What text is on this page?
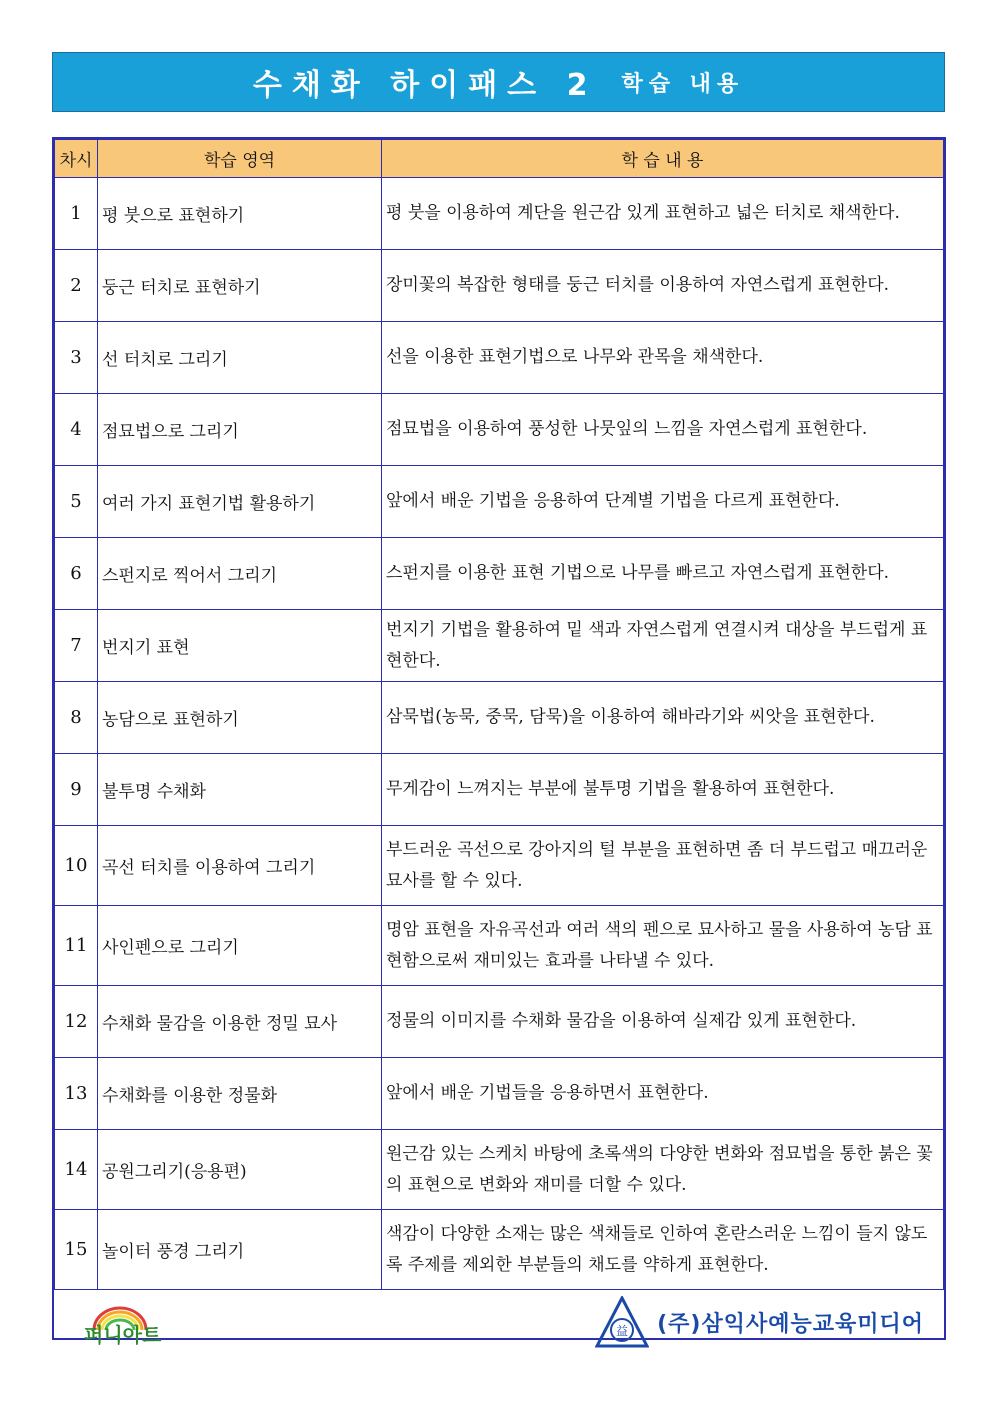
수채화 하이패스 2 학습 내용
차시	학습 영역	학 습 내 용
1	평 붓으로 표현하기	평 붓을 이용하여 계단을 원근감 있게 표현하고 넓은 터치로 채색한다.
2	둥근 터치로 표현하기	장미꽃의 복잡한 형태를 둥근 터치를 이용하여 자연스럽게 표현한다.
3	선 터치로 그리기	선을 이용한 표현기법으로 나무와 관목을 채색한다.
4	점묘법으로 그리기	점묘법을 이용하여 풍성한 나뭇잎의 느낌을 자연스럽게 표현한다.
5	여러 가지 표현기법 활용하기	앞에서 배운 기법을 응용하여 단계별 기법을 다르게 표현한다.
6	스펀지로 찍어서 그리기	스펀지를 이용한 표현 기법으로 나무를 빠르고 자연스럽게 표현한다.
7	번지기 표현	번지기 기법을 활용하여 밑 색과 자연스럽게 연결시켜 대상을 부드럽게 표현한다.
8	농담으로 표현하기	삼묵법(농묵, 중묵, 담묵)을 이용하여 해바라기와 씨앗을 표현한다.
9	불투명 수채화	무게감이 느껴지는 부분에 불투명 기법을 활용하여 표현한다.
10	곡선 터치를 이용하여 그리기	부드러운 곡선으로 강아지의 털 부분을 표현하면 좀 더 부드럽고 매끄러운 묘사를 할 수 있다.
11	사인펜으로 그리기	명암 표현을 자유곡선과 여러 색의 펜으로 묘사하고 물을 사용하여 농담 표현함으로써 재미있는 효과를 나타낼 수 있다.
12	수채화 물감을 이용한 정밀 묘사	정물의 이미지를 수채화 물감을 이용하여 실제감 있게 표현한다.
13	수채화를 이용한 정물화	앞에서 배운 기법들을 응용하면서 표현한다.
14	공원그리기(응용편)	원근감 있는 스케치 바탕에 초록색의 다양한 변화와 점묘법을 통한 붉은 꽃의 표현으로 변화와 재미를 더할 수 있다.
15	놀이터 풍경 그리기	색감이 다양한 소재는 많은 색채들로 인하여 혼란스러운 느낌이 들지 않도록 주제를 제외한 부분들의 채도를 약하게 표현한다.
퍼니아트	益 (주)삼익사예능교육미디어
